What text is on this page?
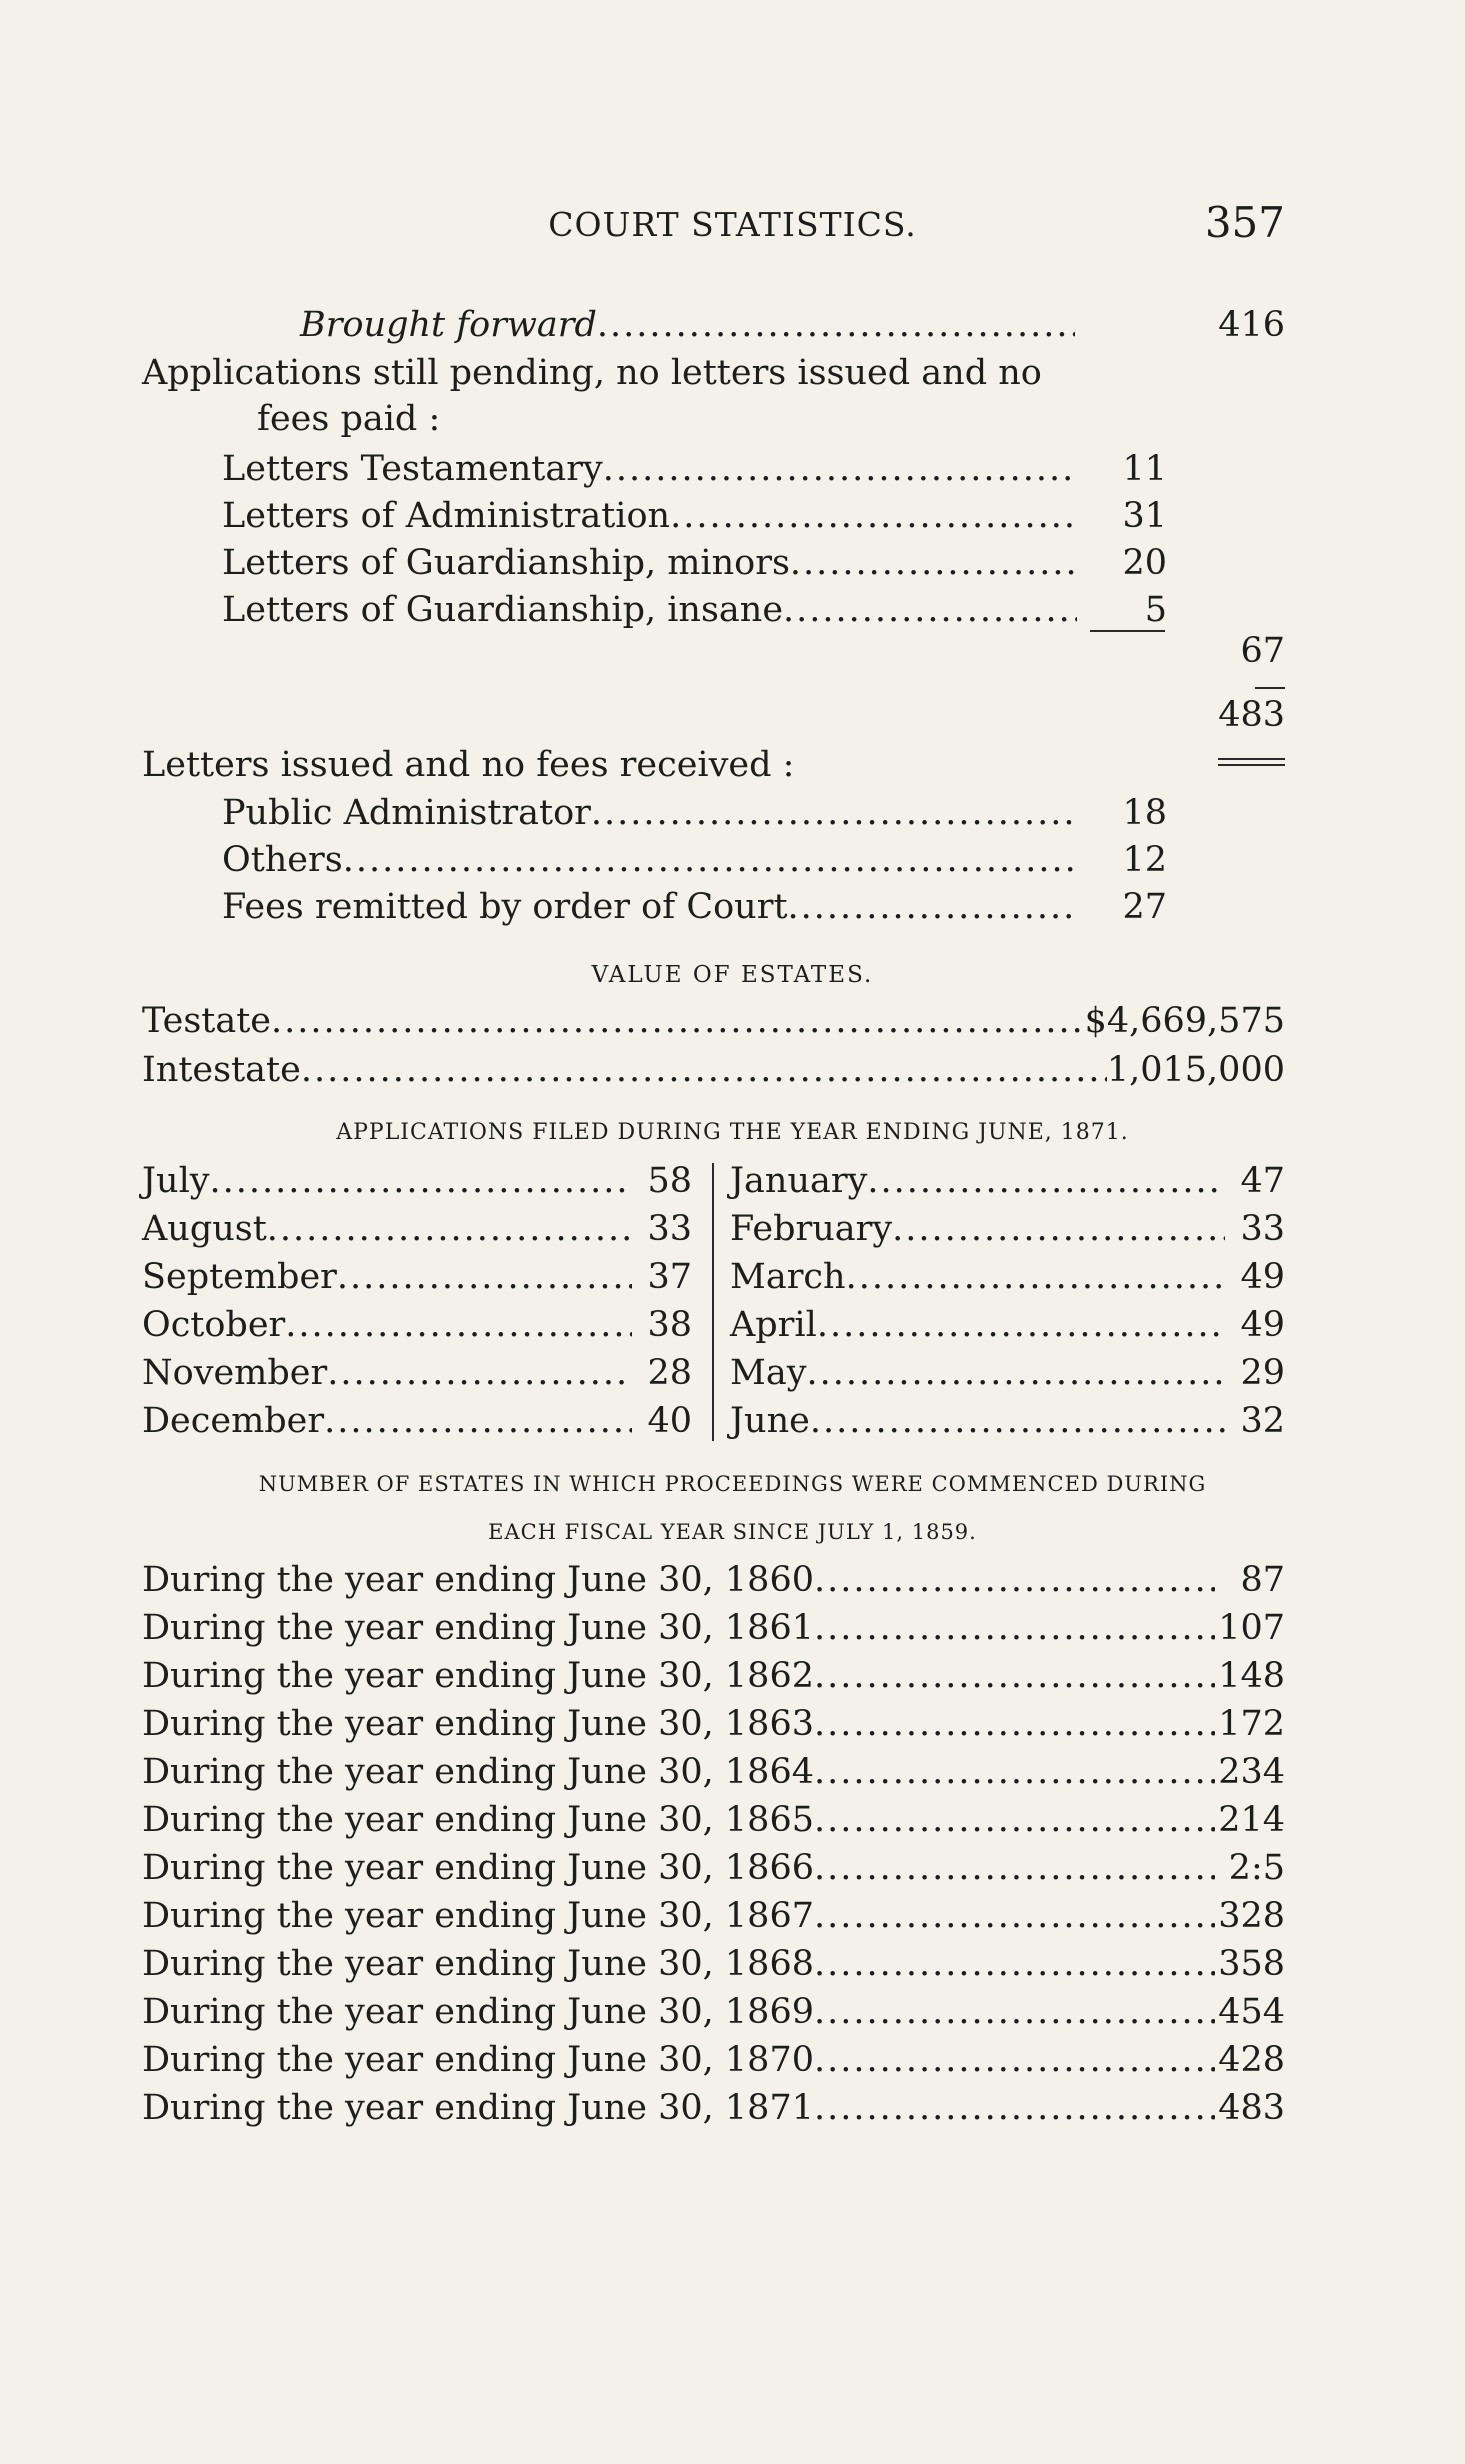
COURT STATISTICS.	357
Brought forward .....	416
Applications still pending, no letters issued and no
fees paid :
Letters Testamentary .....	11
Letters of Administration .....	31
Letters of Guardianship, minors .....	20
Letters of Guardianship, insane .....	5
67
483
Letters issued and no fees received :
Public Administrator .....	18
Others .....	12
Fees remitted by order of Court .....	27
VALUE OF ESTATES.
Testate .....	$4,669,575
Intestate .....	1,015,000
APPLICATIONS FILED DURING THE YEAR ENDING JUNE, 1871.
July .....	58
August .....	33
September .....	37
October .....	38
November .....	28
December .....	40
January .....	47
February .....	33
March .....	49
April .....	49
May .....	29
June .....	32
NUMBER OF ESTATES IN WHICH PROCEEDINGS WERE COMMENCED DURING
EACH FISCAL YEAR SINCE JULY 1, 1859.
During the year ending June 30, 1860 .....	87
During the year ending June 30, 1861 .....	107
During the year ending June 30, 1862 .....	148
During the year ending June 30, 1863 .....	172
During the year ending June 30, 1864 .....	234
During the year ending June 30, 1865 .....	214
During the year ending June 30, 1866 .....	2:5
During the year ending June 30, 1867 .....	328
During the year ending June 30, 1868 .....	358
During the year ending June 30, 1869 .....	454
During the year ending June 30, 1870 .....	428
During the year ending June 30, 1871 .....	483
